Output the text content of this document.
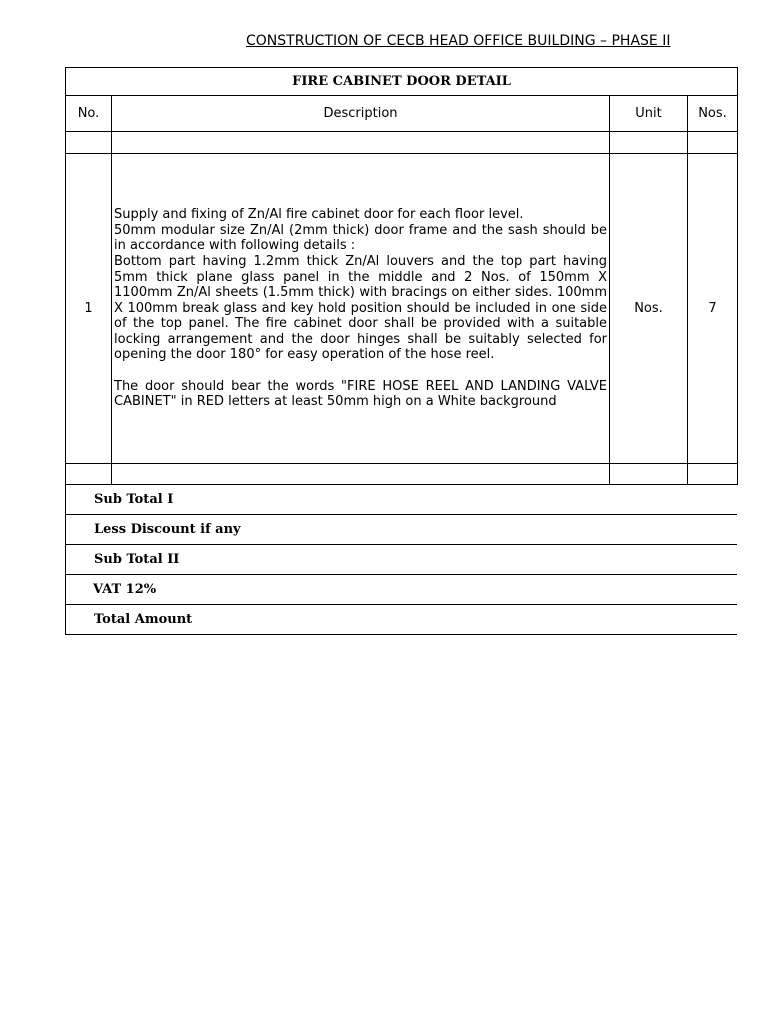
CONSTRUCTION OF CECB HEAD OFFICE BUILDING – PHASE II
FIRE CABINET DOOR DETAIL			
No.	Description	Unit	Nos.

1	Supply and fixing of Zn/Al fire cabinet door for each floor level.

50mm modular size Zn/Al (2mm thick) door frame and the sash should be in accordance with following details :

Bottom part having 1.2mm thick Zn/Al louvers and the top part having 5mm thick plane glass panel in the middle and 2 Nos. of 150mm X 1100mm Zn/Al sheets (1.5mm thick) with bracings on either sides. 100mm X 100mm break glass and key hold position should be included in one side of the top panel. The fire cabinet door shall be provided with a suitable locking arrangement and the door hinges shall be suitably selected for opening the door 180° for easy operation of the hose reel.

The door should bear the words "FIRE HOSE REEL AND LANDING VALVE CABINET" in RED letters at least 50mm high on a White background	Nos.	7

Sub Total I
Less Discount if any
Sub Total II
VAT 12%
Total Amount
